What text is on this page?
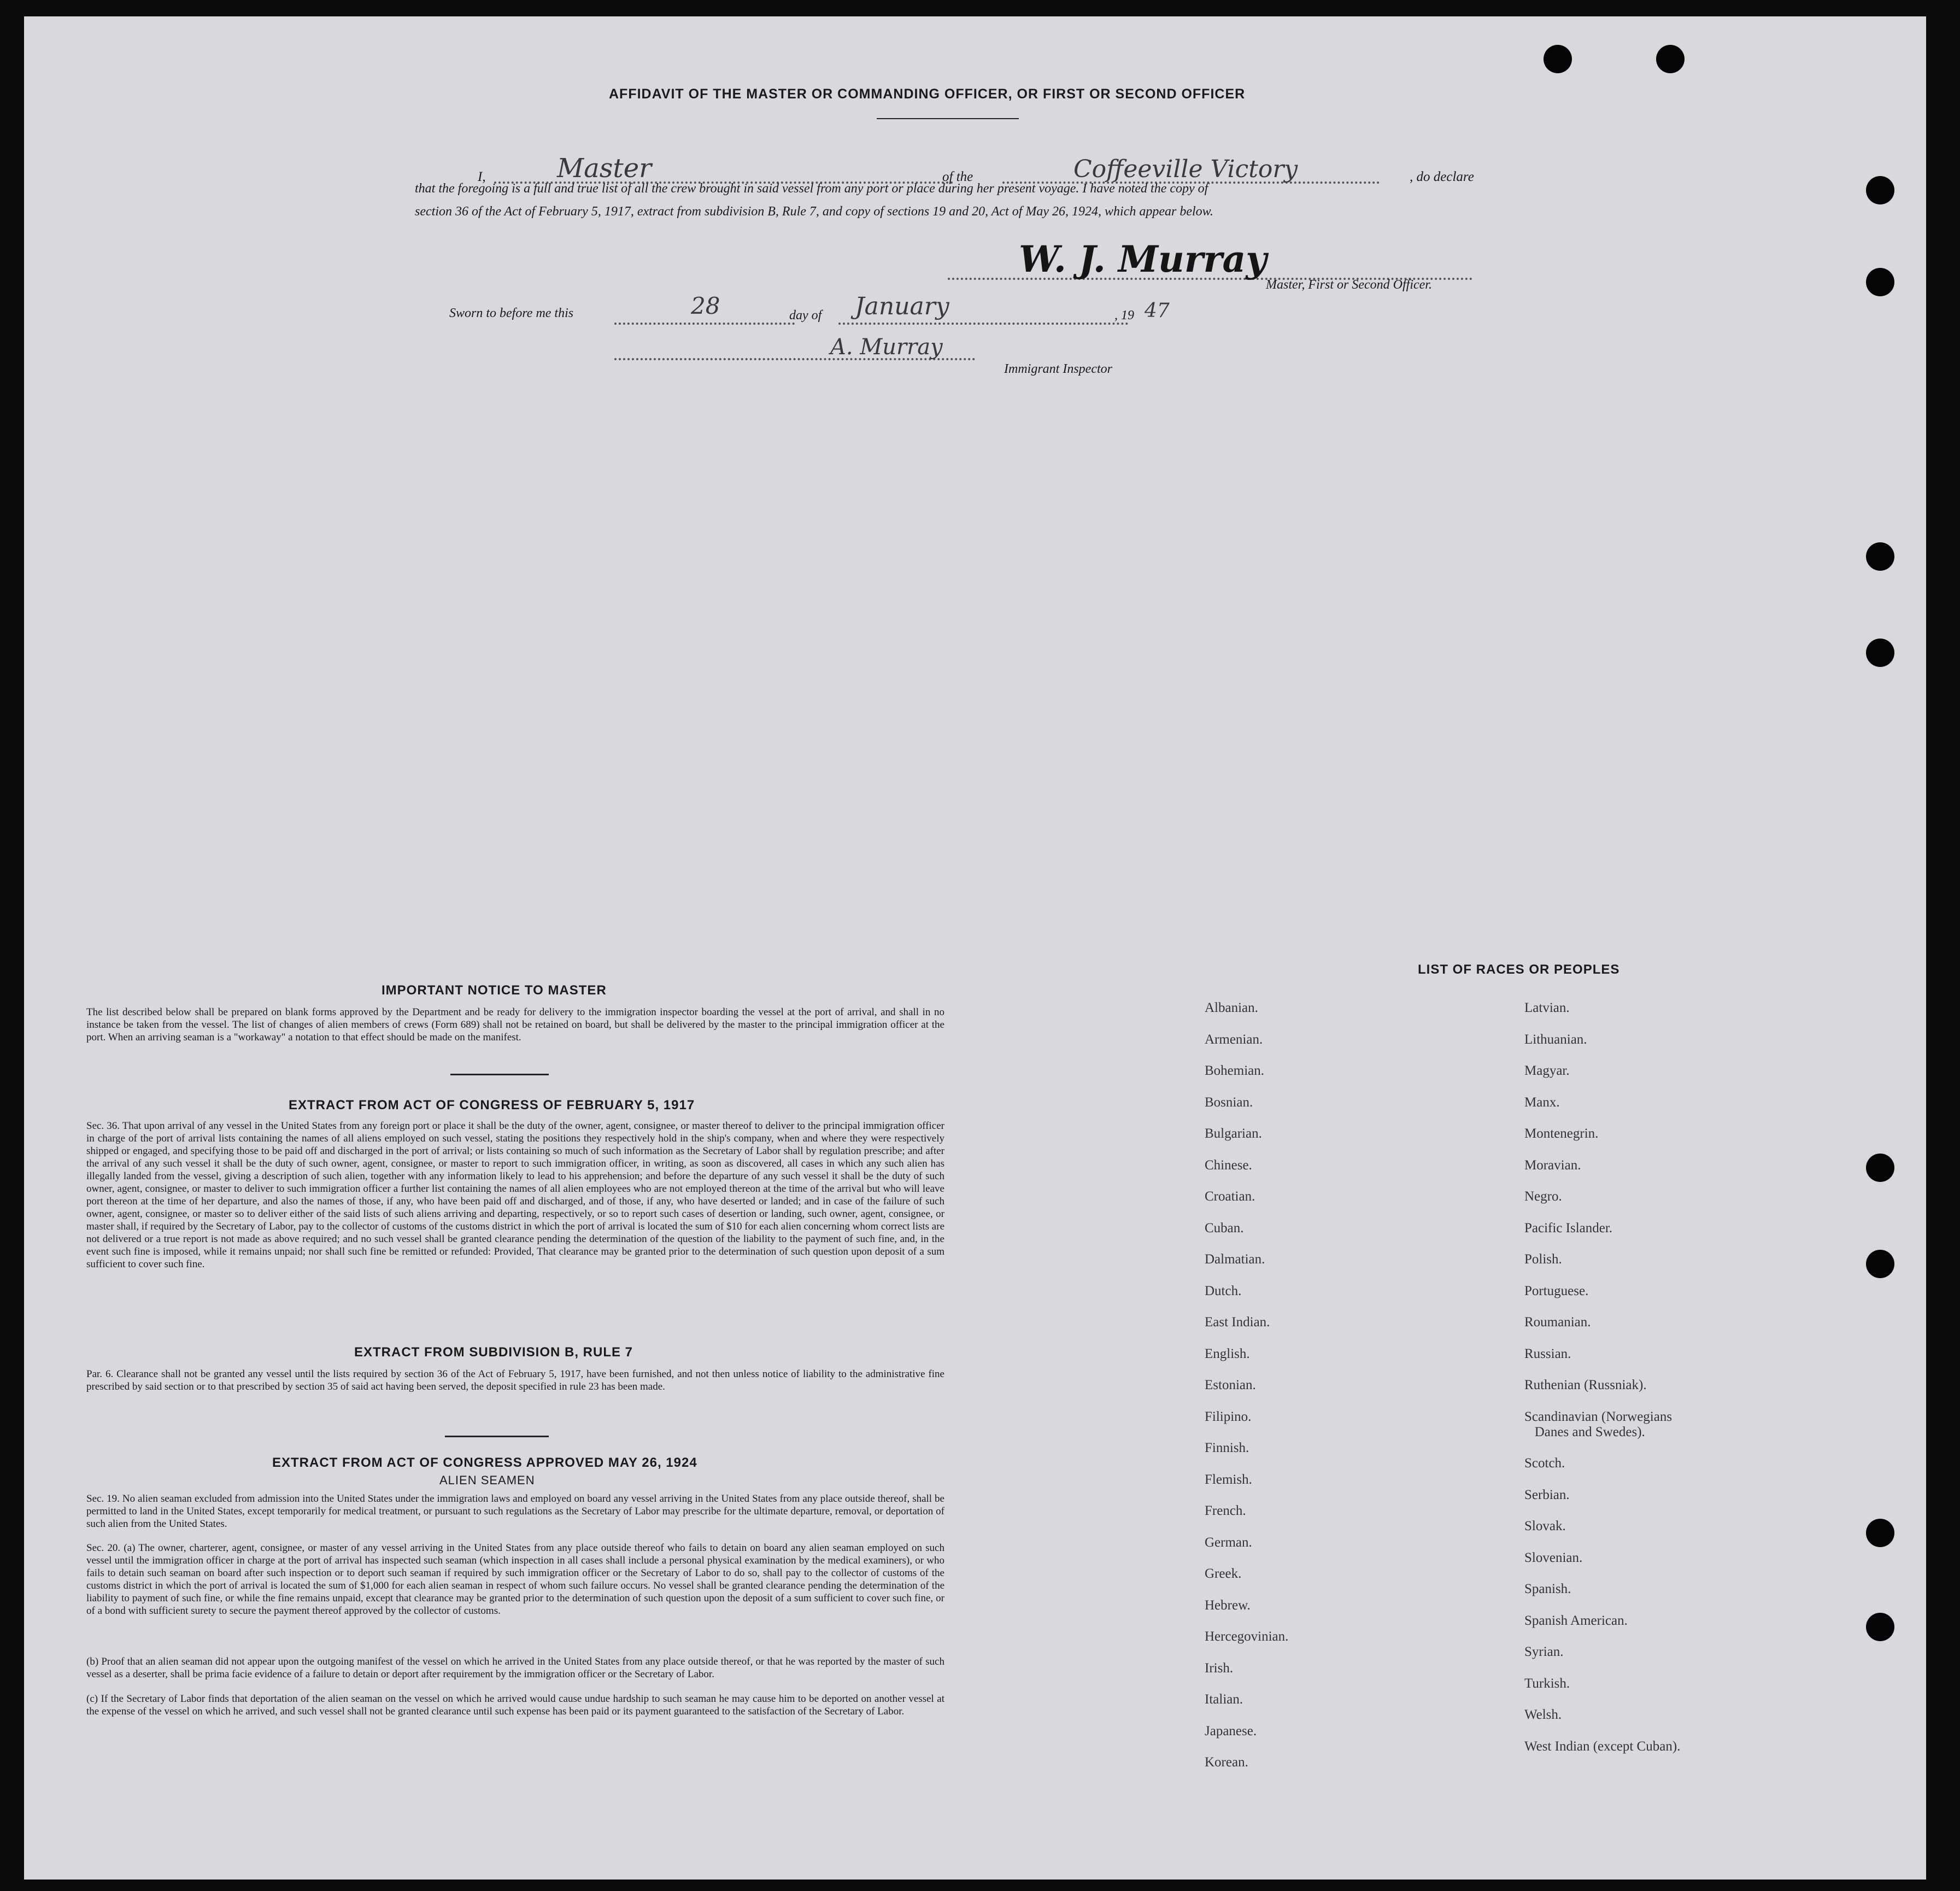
AFFIDAVIT OF THE MASTER OR COMMANDING OFFICER, OR FIRST OR SECOND OFFICER
I,	Master	of the	Coffeeville Victory	, do declare
that the foregoing is a full and true list of all the crew brought in said vessel from any port or place during her present voyage. I have noted the copy of
section 36 of the Act of February 5, 1917, extract from subdivision B, Rule 7, and copy of sections 19 and 20, Act of May 26, 1924, which appear below.
W. J. Murray
Master, First or Second Officer.
Sworn to before me this	28	day of January	, 19 47
A. Murray
Immigrant Inspector
IMPORTANT NOTICE TO MASTER
The list described below shall be prepared on blank forms approved by the Department and be ready for delivery to the immigration inspector boarding the vessel at the port of arrival, and shall in no instance be taken from the vessel. The list of changes of alien members of crews (Form 689) shall not be retained on board, but shall be delivered by the master to the principal immigration officer at the port. When an arriving seaman is a "workaway" a notation to that effect should be made on the manifest.
EXTRACT FROM ACT OF CONGRESS OF FEBRUARY 5, 1917
Sec. 36. That upon arrival of any vessel in the United States from any foreign port or place it shall be the duty of the owner, agent, consignee, or master thereof to deliver to the principal immigration officer in charge of the port of arrival lists containing the names of all aliens employed on such vessel, stating the positions they respectively hold in the ship's company, when and where they were respectively shipped or engaged, and specifying those to be paid off and discharged in the port of arrival; or lists containing so much of such information as the Secretary of Labor shall by regulation prescribe; and after the arrival of any such vessel it shall be the duty of such owner, agent, consignee, or master to report to such immigration officer, in writing, as soon as discovered, all cases in which any such alien has illegally landed from the vessel, giving a description of such alien, together with any information likely to lead to his apprehension; and before the departure of any such vessel it shall be the duty of such owner, agent, consignee, or master to deliver to such immigration officer a further list containing the names of all alien employees who are not employed thereon at the time of the arrival but who will leave port thereon at the time of her departure, and also the names of those, if any, who have been paid off and discharged, and of those, if any, who have deserted or landed; and in case of the failure of such owner, agent, consignee, or master so to deliver either of the said lists of such aliens arriving and departing, respectively, or so to report such cases of desertion or landing, such owner, agent, consignee, or master shall, if required by the Secretary of Labor, pay to the collector of customs of the customs district in which the port of arrival is located the sum of $10 for each alien concerning whom correct lists are not delivered or a true report is not made as above required; and no such vessel shall be granted clearance pending the determination of the question of the liability to the payment of such fine, and, in the event such fine is imposed, while it remains unpaid; nor shall such fine be remitted or refunded: Provided, That clearance may be granted prior to the determination of such question upon deposit of a sum sufficient to cover such fine.
EXTRACT FROM SUBDIVISION B, RULE 7
Par. 6. Clearance shall not be granted any vessel until the lists required by section 36 of the Act of February 5, 1917, have been furnished, and not then unless notice of liability to the administrative fine prescribed by said section or to that prescribed by section 35 of said act having been served, the deposit specified in rule 23 has been made.
EXTRACT FROM ACT OF CONGRESS APPROVED MAY 26, 1924
ALIEN SEAMEN
Sec. 19. No alien seaman excluded from admission into the United States under the immigration laws and employed on board any vessel arriving in the United States from any place outside thereof, shall be permitted to land in the United States, except temporarily for medical treatment, or pursuant to such regulations as the Secretary of Labor may prescribe for the ultimate departure, removal, or deportation of such alien from the United States.
Sec. 20. (a) The owner, charterer, agent, consignee, or master of any vessel arriving in the United States from any place outside thereof who fails to detain on board any alien seaman employed on such vessel until the immigration officer in charge at the port of arrival has inspected such seaman (which inspection in all cases shall include a personal physical examination by the medical examiners), or who fails to detain such seaman on board after such inspection or to deport such seaman if required by such immigration officer or the Secretary of Labor to do so, shall pay to the collector of customs of the customs district in which the port of arrival is located the sum of $1,000 for each alien seaman in respect of whom such failure occurs. No vessel shall be granted clearance pending the determination of the liability to payment of such fine, or while the fine remains unpaid, except that clearance may be granted prior to the determination of such question upon the deposit of a sum sufficient to cover such fine, or of a bond with sufficient surety to secure the payment thereof approved by the collector of customs.
(b) Proof that an alien seaman did not appear upon the outgoing manifest of the vessel on which he arrived in the United States from any place outside thereof, or that he was reported by the master of such vessel as a deserter, shall be prima facie evidence of a failure to detain or deport after requirement by the immigration officer or the Secretary of Labor.
(c) If the Secretary of Labor finds that deportation of the alien seaman on the vessel on which he arrived would cause undue hardship to such seaman he may cause him to be deported on another vessel at the expense of the vessel on which he arrived, and such vessel shall not be granted clearance until such expense has been paid or its payment guaranteed to the satisfaction of the Secretary of Labor.
LIST OF RACES OR PEOPLES
Albanian.
Armenian.
Bohemian.
Bosnian.
Bulgarian.
Chinese.
Croatian.
Cuban.
Dalmatian.
Dutch.
East Indian.
English.
Estonian.
Filipino.
Finnish.
Flemish.
French.
German.
Greek.
Hebrew.
Hercegovinian.
Irish.
Italian.
Japanese.
Korean.
Latvian.
Lithuanian.
Magyar.
Manx.
Montenegrin.
Moravian.
Negro.
Pacific Islander.
Polish.
Portuguese.
Roumanian.
Russian.
Ruthenian (Russniak).
Scandinavian (Norwegians
Danes and Swedes).
Scotch.
Serbian.
Slovak.
Slovenian.
Spanish.
Spanish American.
Syrian.
Turkish.
Welsh.
West Indian (except Cuban).
